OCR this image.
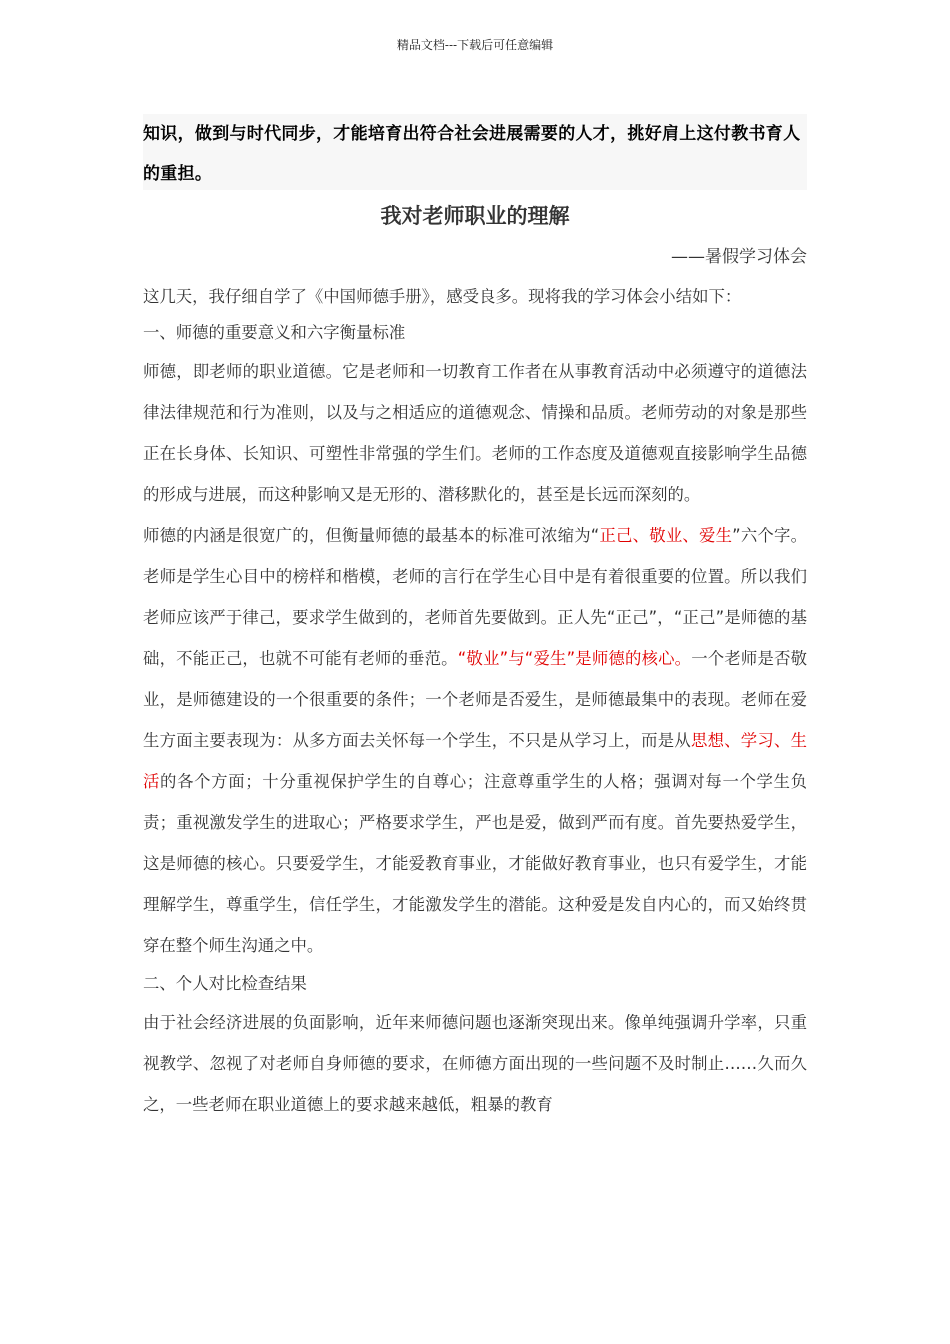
精品文档---下载后可任意编辑

知识，做到与时代同步，才能培育出符合社会进展需要的人才，挑好肩上这付教书育人的重担。

我对老师职业的理解

——暑假学习体会

这几天，我仔细自学了《中国师德手册》，感受良多。现将我的学习体会小结如下：

一、师德的重要意义和六字衡量标准

师德，即老师的职业道德。它是老师和一切教育工作者在从事教育活动中必须遵守的道德法律法律规范和行为准则，以及与之相适应的道德观念、情操和品质。老师劳动的对象是那些正在长身体、长知识、可塑性非常强的学生们。老师的工作态度及道德观直接影响学生品德的形成与进展，而这种影响又是无形的、潜移默化的，甚至是长远而深刻的。

师德的内涵是很宽广的，但衡量师德的最基本的标准可浓缩为“正己、敬业、爱生”六个字。老师是学生心目中的榜样和楷模，老师的言行在学生心目中是有着很重要的位置。所以我们老师应该严于律己，要求学生做到的，老师首先要做到。正人先“正己”，“正己”是师德的基础，不能正己，也就不可能有老师的垂范。“敬业”与“爱生”是师德的核心。一个老师是否敬业，是师德建设的一个很重要的条件；一个老师是否爱生，是师德最集中的表现。老师在爱生方面主要表现为：从多方面去关怀每一个学生，不只是从学习上，而是从思想、学习、生活的各个方面；十分重视保护学生的自尊心；注意尊重学生的人格；强调对每一个学生负责；重视激发学生的进取心；严格要求学生，严也是爱，做到严而有度。首先要热爱学生，这是师德的核心。只要爱学生，才能爱教育事业，才能做好教育事业，也只有爱学生，才能理解学生，尊重学生，信任学生，才能激发学生的潜能。这种爱是发自内心的，而又始终贯穿在整个师生沟通之中。

二、个人对比检查结果

由于社会经济进展的负面影响，近年来师德问题也逐渐突现出来。像单纯强调升学率，只重视教学、忽视了对老师自身师德的要求，在师德方面出现的一些问题不及时制止……久而久之，一些老师在职业道德上的要求越来越低，粗暴的教育
